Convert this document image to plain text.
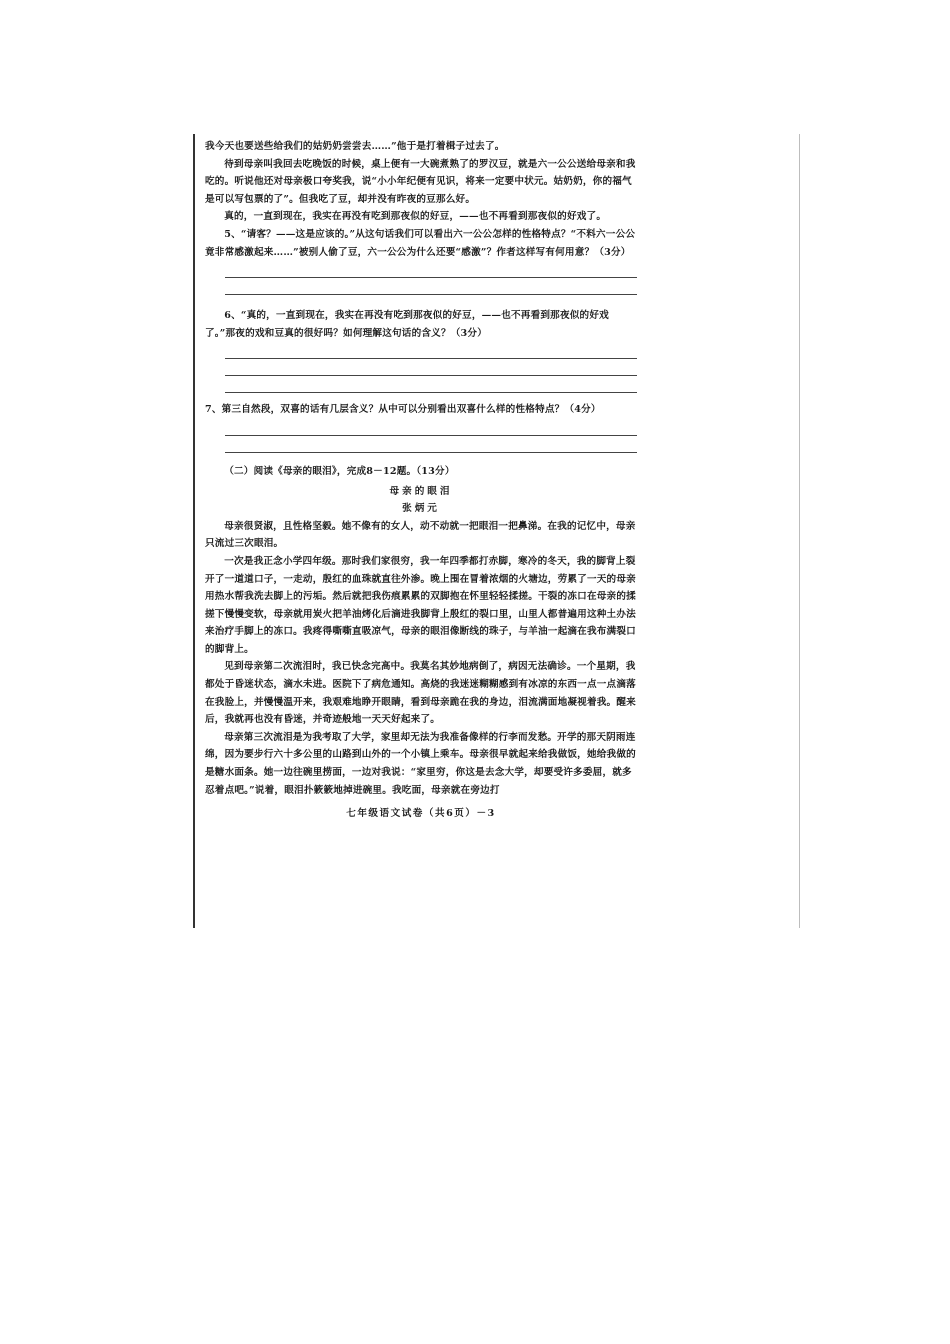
我今天也要送些给我们的姑奶奶尝尝去……”他于是打着楫子过去了。

待到母亲叫我回去吃晚饭的时候，桌上便有一大碗煮熟了的罗汉豆，就是六一公公送给母亲和我吃的。听说他还对母亲极口夸奖我，说“小小年纪便有见识，将来一定要中状元。姑奶奶，你的福气是可以写包票的了”。但我吃了豆，却并没有昨夜的豆那么好。

真的，一直到现在，我实在再没有吃到那夜似的好豆，——也不再看到那夜似的好戏了。

5、“请客？——这是应该的。”从这句话我们可以看出六一公公怎样的性格特点？“不料六一公公竟非常感激起来……”被别人偷了豆，六一公公为什么还要“感激”？作者这样写有何用意？（3分）

6、“真的，一直到现在，我实在再没有吃到那夜似的好豆，——也不再看到那夜似的好戏了。”那夜的戏和豆真的很好吗？如何理解这句话的含义？（3分）

7、第三自然段，双喜的话有几层含义？从中可以分别看出双喜什么样的性格特点？（4分）

（二）阅读《母亲的眼泪》，完成8－12题。（13分）

母亲的眼泪

张炳元

母亲很贤淑，且性格坚毅。她不像有的女人，动不动就一把眼泪一把鼻涕。在我的记忆中，母亲只流过三次眼泪。

一次是我正念小学四年级。那时我们家很穷，我一年四季都打赤脚，寒冷的冬天，我的脚背上裂开了一道道口子，一走动，殷红的血珠就直往外渗。晚上围在冒着浓烟的火塘边，劳累了一天的母亲用热水帮我洗去脚上的污垢。然后就把我伤痕累累的双脚抱在怀里轻轻揉搓。干裂的冻口在母亲的揉搓下慢慢变软，母亲就用炭火把羊油烤化后滴进我脚背上殷红的裂口里，山里人都普遍用这种土办法来治疗手脚上的冻口。我疼得嘶嘶直吸凉气，母亲的眼泪像断线的珠子，与羊油一起滴在我布满裂口的脚背上。

见到母亲第二次流泪时，我已快念完高中。我莫名其妙地病倒了，病因无法确诊。一个星期，我都处于昏迷状态，滴水未进。医院下了病危通知。高烧的我迷迷糊糊感到有冰凉的东西一点一点滴落在我脸上，并慢慢温开来，我艰难地睁开眼睛，看到母亲跪在我的身边，泪流满面地凝视着我。醒来后，我就再也没有昏迷，并奇迹般地一天天好起来了。

母亲第三次流泪是为我考取了大学，家里却无法为我准备像样的行李而发愁。开学的那天阴雨连绵，因为要步行六十多公里的山路到山外的一个小镇上乘车。母亲很早就起来给我做饭，她给我做的是糖水面条。她一边往碗里捞面，一边对我说：“家里穷，你这是去念大学，却要受许多委屈，就多忍着点吧。”说着，眼泪扑簌簌地掉进碗里。我吃面，母亲就在旁边打

七年级语文试卷（共6页）－3
